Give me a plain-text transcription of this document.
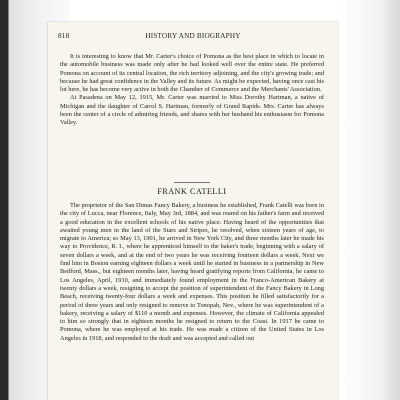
818	HISTORY AND BIOGRAPHY

It is interesting to know that Mr. Carter's choice of Pomona as the best place in which to locate in the automobile business was made only after he had looked well over the entire state. He preferred Pomona on account of its central location, the rich territory adjoining, and the city's growing trade; and because he had great confidence in the Valley and its future. As might be expected, having once cast his lot here, he has become very active in both the Chamber of Commerce and the Merchants' Association.

At Pasadena on May 12, 1915, Mr. Carter was married to Miss Dorothy Hartman, a native of Michigan and the daughter of Carrol S. Hartman, formerly of Grand Rapids. Mrs. Carter has always been the center of a circle of admiring friends, and shares with her husband his enthusiasm for Pomona Valley.

FRANK CATELLI

The proprietor of the San Dimas Fancy Bakery, a business he established, Frank Catelli was born in the city of Lucca, near Florence, Italy, May 3rd, 1884, and was reared on his father's farm and received a good education in the excellent schools of his native place. Having heard of the opportunities that awaited young men in the land of the Stars and Stripes, he resolved, when sixteen years of age, to migrate to America; so May 13, 1901, he arrived in New York City, and three months later he made his way to Providence, R. I., where he apprenticed himself to the baker's trade, beginning with a salary of seven dollars a week, and at the end of two years he was receiving fourteen dollars a week. Next we find him in Boston earning eighteen dollars a week until he started in business in a partnership in New Bedford, Mass., but eighteen months later, having heard gratifying reports from California, he came to Los Angeles, April, 1910, and immediately found employment in the Franco-American Bakery at twenty dollars a week, resigning to accept the position of superintendent of the Fancy Bakery in Long Beach, receiving twenty-four dollars a week and expenses. This position he filled satisfactorily for a period of three years and only resigned to remove to Tonopah, Nev., where he was superintendent of a bakery, receiving a salary of $110 a month and expenses. However, the climate of California appealed to him so strongly that in eighteen months he resigned to return to the Coast. In 1917 he came to Pomona, where he was employed at his trade. He was made a citizen of the United States in Los Angeles in 1918, and responded to the draft and was accepted and called out
